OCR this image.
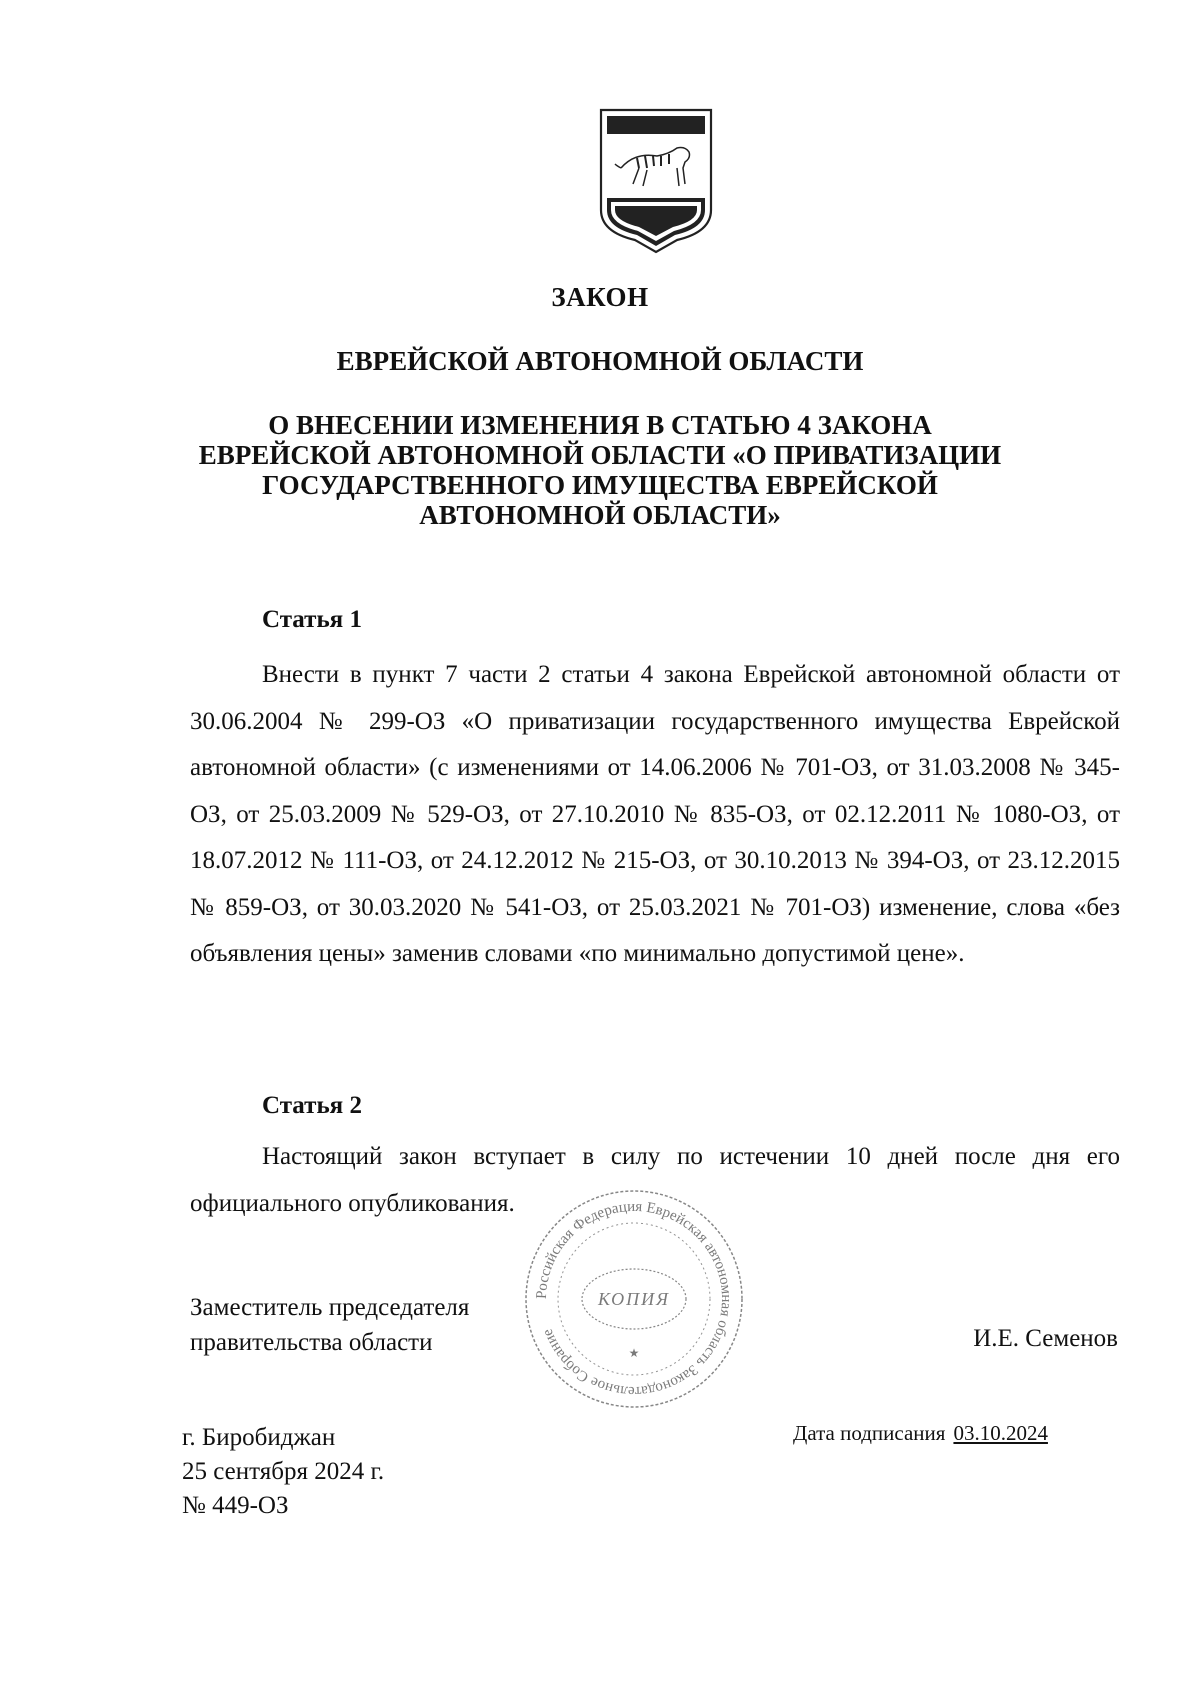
ЗАКОН
ЕВРЕЙСКОЙ АВТОНОМНОЙ ОБЛАСТИ
О ВНЕСЕНИИ ИЗМЕНЕНИЯ В СТАТЬЮ 4 ЗАКОНА ЕВРЕЙСКОЙ АВТОНОМНОЙ ОБЛАСТИ «О ПРИВАТИЗАЦИИ ГОСУДАРСТВЕННОГО ИМУЩЕСТВА ЕВРЕЙСКОЙ АВТОНОМНОЙ ОБЛАСТИ»
Статья 1

Внести в пункт 7 части 2 статьи 4 закона Еврейской автономной области от 30.06.2004 № 299-ОЗ «О приватизации государственного имущества Еврейской автономной области» (с изменениями от 14.06.2006 № 701-ОЗ, от 31.03.2008 № 345-ОЗ, от 25.03.2009 № 529-ОЗ, от 27.10.2010 № 835-ОЗ, от 02.12.2011 № 1080-ОЗ, от 18.07.2012 № 111-ОЗ, от 24.12.2012 № 215-ОЗ, от 30.10.2013 № 394-ОЗ, от 23.12.2015 № 859-ОЗ, от 30.03.2020 № 541-ОЗ, от 25.03.2021 № 701-ОЗ) изменение, слова «без объявления цены» заменив словами «по минимально допустимой цене».

Статья 2

Настоящий закон вступает в силу по истечении 10 дней после дня его официального опубликования.

Российская Федерация Еврейская автономная область Законодательное Собрание
КОПИЯ
★
Заместитель председателя
правительства области	И.Е. Семенов
г. Биробиджан
25 сентября 2024 г.
№ 449-ОЗ
Дата подписания 03.10.2024
